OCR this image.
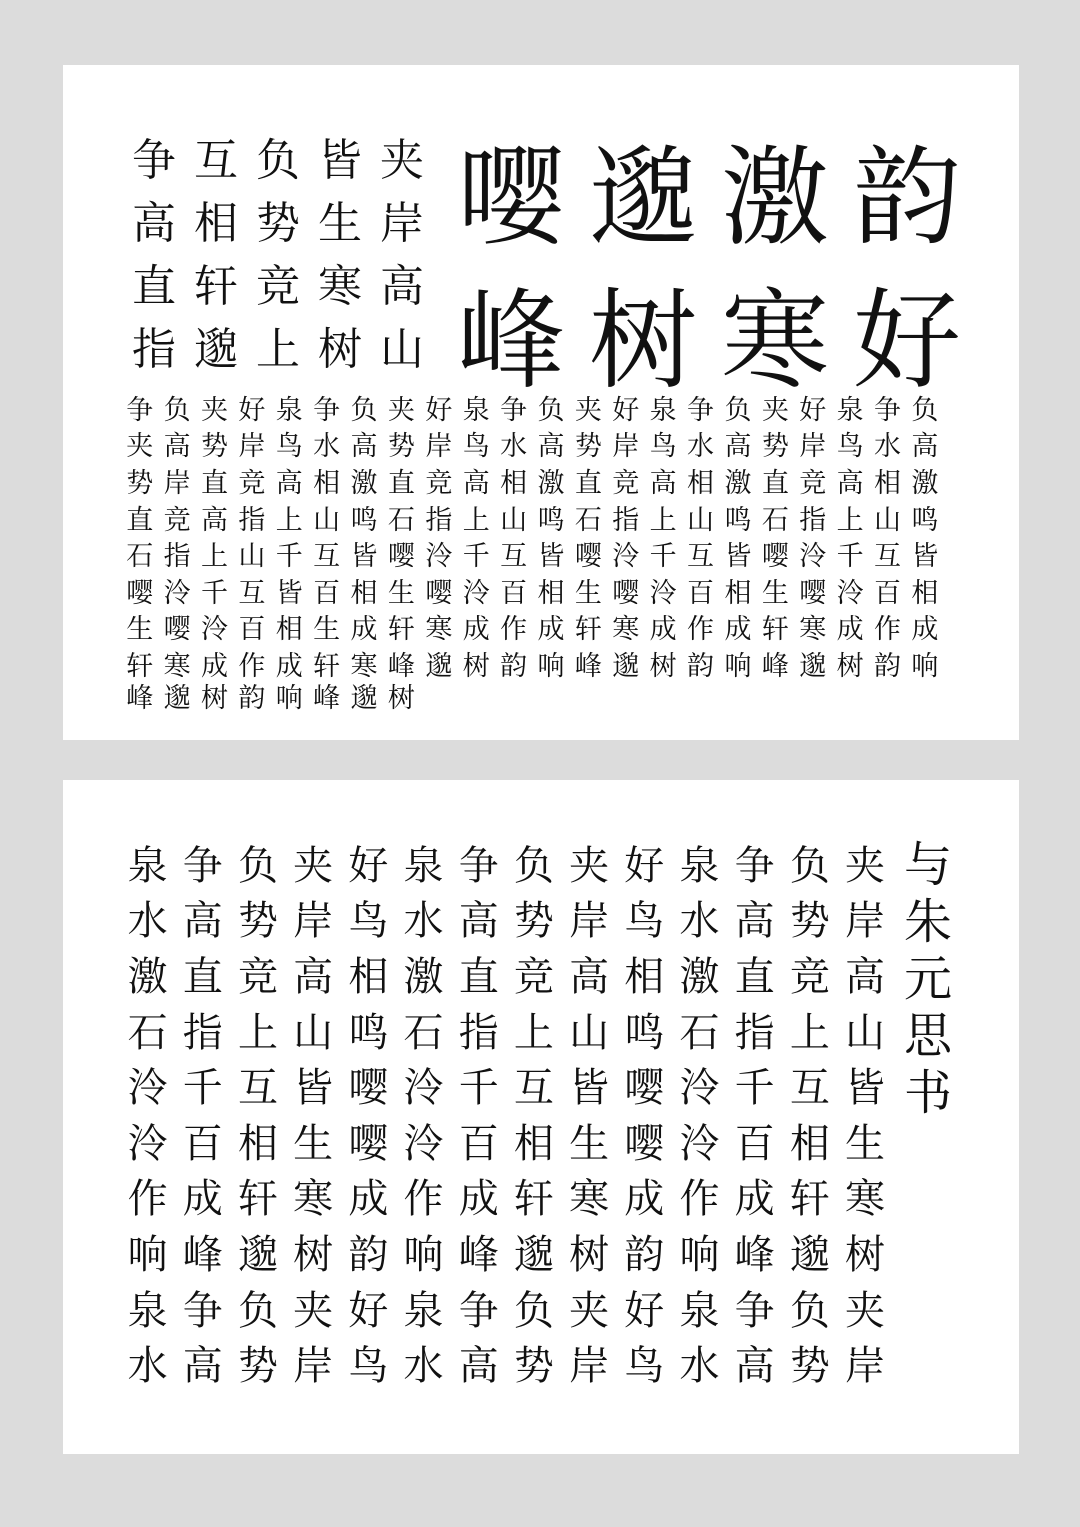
争 互 负 皆 夹
高 相 势 生 岸
直 轩 竞 寒 高
指 邈 上 树 山
嘤 邈 激 韵
峰 树 寒 好
争 负 夹 好 泉 争 负 夹 好 泉 争 负 夹 好 泉 争 负 夹 好 泉 争 负
夹 高 势 岸 鸟 水 高 势 岸 鸟 水 高 势 岸 鸟 水 高 势 岸 鸟 水 高
势 岸 直 竞 高 相 激 直 竞 高 相 激 直 竞 高 相 激 直 竞 高 相 激
直 竞 高 指 上 山 鸣 石 指 上 山 鸣 石 指 上 山 鸣 石 指 上 山 鸣
石 指 上 山 千 互 皆 嘤 泠 千 互 皆 嘤 泠 千 互 皆 嘤 泠 千 互 皆
嘤 泠 千 互 皆 百 相 生 嘤 泠 百 相 生 嘤 泠 百 相 生 嘤 泠 百 相
生 嘤 泠 百 相 生 成 轩 寒 成 作 成 轩 寒 成 作 成 轩 寒 成 作 成
轩 寒 成 作 成 轩 寒 峰 邈 树 韵 响 峰 邈 树 韵 响 峰 邈 树 韵 响
峰 邈 树 韵 响 峰 邈 树
泉 争 负 夹 好 泉 争 负 夹 好 泉 争 负 夹
水 高 势 岸 鸟 水 高 势 岸 鸟 水 高 势 岸
激 直 竞 高 相 激 直 竞 高 相 激 直 竞 高
石 指 上 山 鸣 石 指 上 山 鸣 石 指 上 山
泠 千 互 皆 嘤 泠 千 互 皆 嘤 泠 千 互 皆
泠 百 相 生 嘤 泠 百 相 生 嘤 泠 百 相 生
作 成 轩 寒 成 作 成 轩 寒 成 作 成 轩 寒
响 峰 邈 树 韵 响 峰 邈 树 韵 响 峰 邈 树
泉 争 负 夹 好 泉 争 负 夹 好 泉 争 负 夹
水 高 势 岸 鸟 水 高 势 岸 鸟 水 高 势 岸
与
朱
元
思
书
